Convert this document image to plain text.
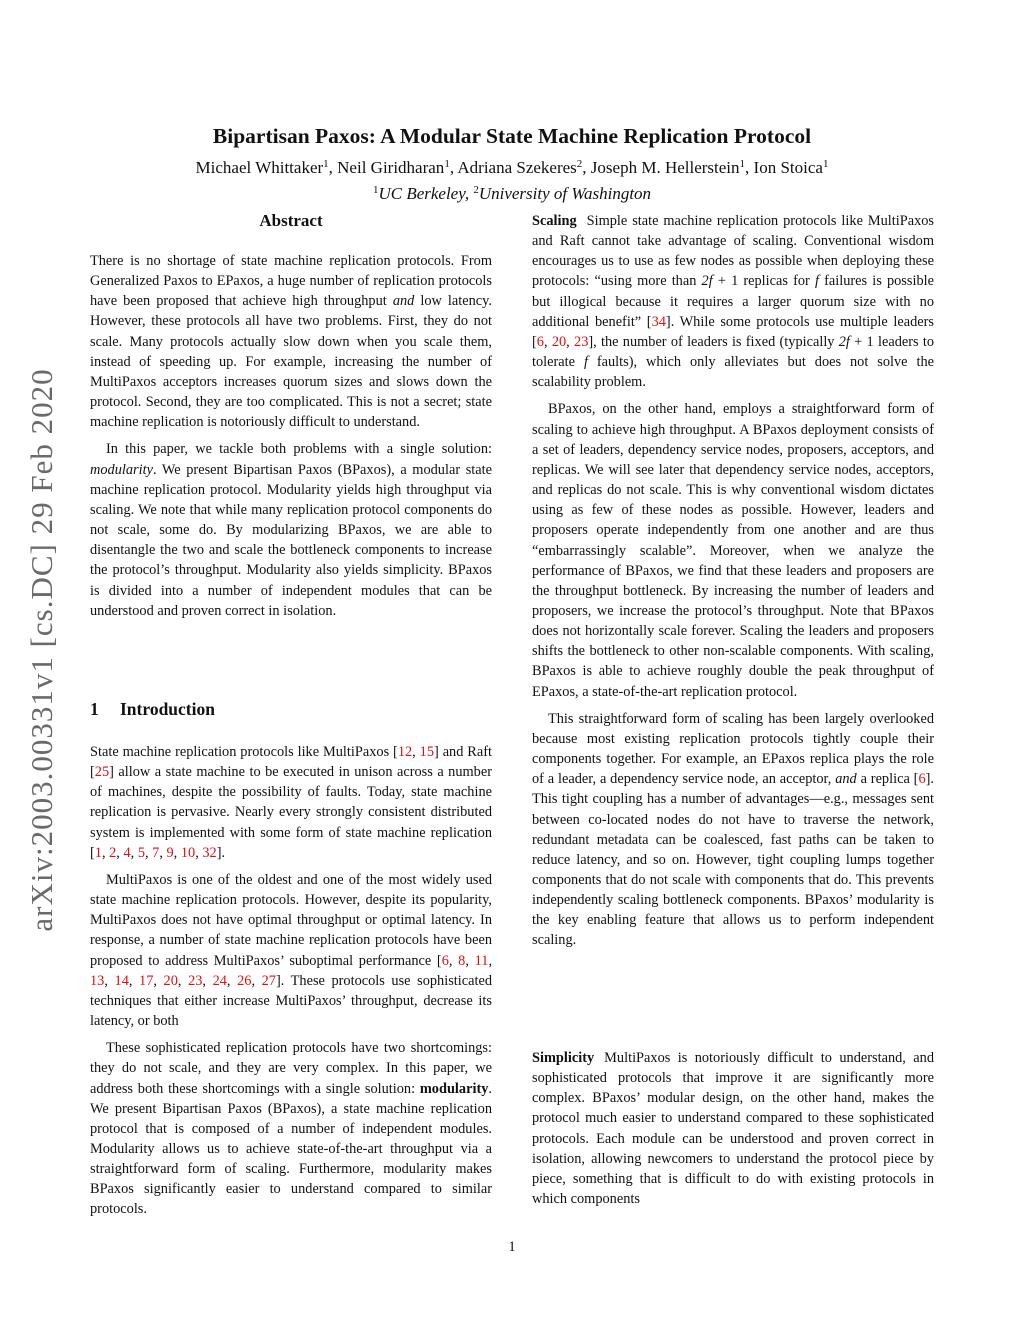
arXiv:2003.00331v1 [cs.DC] 29 Feb 2020
Bipartisan Paxos: A Modular State Machine Replication Protocol
Michael Whittaker$^1$, Neil Giridharan$^1$, Adriana Szekeres$^2$, Joseph M. Hellerstein$^1$, Ion Stoica$^1$
$^1$UC Berkeley, $^2$University of Washington
Abstract

There is no shortage of state machine replication protocols. From Generalized Paxos to EPaxos, a huge number of replication protocols have been proposed that achieve high throughput and low latency. However, these protocols all have two problems. First, they do not scale. Many protocols actually slow down when you scale them, instead of speeding up. For example, increasing the number of MultiPaxos acceptors increases quorum sizes and slows down the protocol. Second, they are too complicated. This is not a secret; state machine replication is notoriously difficult to understand.

In this paper, we tackle both problems with a single solution: modularity. We present Bipartisan Paxos (BPaxos), a modular state machine replication protocol. Modularity yields high throughput via scaling. We note that while many replication protocol components do not scale, some do. By modularizing BPaxos, we are able to disentangle the two and scale the bottleneck components to increase the protocol’s throughput. Modularity also yields simplicity. BPaxos is divided into a number of independent modules that can be understood and proven correct in isolation.

1 Introduction

State machine replication protocols like MultiPaxos [12, 15] and Raft [25] allow a state machine to be executed in unison across a number of machines, despite the possibility of faults. Today, state machine replication is pervasive. Nearly every strongly consistent distributed system is implemented with some form of state machine replication [1, 2, 4, 5, 7, 9, 10, 32].

MultiPaxos is one of the oldest and one of the most widely used state machine replication protocols. However, despite its popularity, MultiPaxos does not have optimal throughput or optimal latency. In response, a number of state machine replication protocols have been proposed to address MultiPaxos’ suboptimal performance [6, 8, 11, 13, 14, 17, 20, 23, 24, 26, 27]. These protocols use sophisticated techniques that either increase MultiPaxos’ throughput, decrease its latency, or both

These sophisticated replication protocols have two shortcomings: they do not scale, and they are very complex. In this paper, we address both these shortcomings with a single solution: modularity. We present Bipartisan Paxos (BPaxos), a state machine replication protocol that is composed of a number of independent modules. Modularity allows us to achieve state-of-the-art throughput via a straightforward form of scaling. Furthermore, modularity makes BPaxos significantly easier to understand compared to similar protocols.

Scaling Simple state machine replication protocols like MultiPaxos and Raft cannot take advantage of scaling. Conventional wisdom encourages us to use as few nodes as possible when deploying these protocols: “using more than 2f + 1 replicas for f failures is possible but illogical because it requires a larger quorum size with no additional benefit” [34]. While some protocols use multiple leaders [6, 20, 23], the number of leaders is fixed (typically 2f + 1 leaders to tolerate f faults), which only alleviates but does not solve the scalability problem.

BPaxos, on the other hand, employs a straightforward form of scaling to achieve high throughput. A BPaxos deployment consists of a set of leaders, dependency service nodes, proposers, acceptors, and replicas. We will see later that dependency service nodes, acceptors, and replicas do not scale. This is why conventional wisdom dictates using as few of these nodes as possible. However, leaders and proposers operate independently from one another and are thus “embarrassingly scalable”. Moreover, when we analyze the performance of BPaxos, we find that these leaders and proposers are the throughput bottleneck. By increasing the number of leaders and proposers, we increase the protocol’s throughput. Note that BPaxos does not horizontally scale forever. Scaling the leaders and proposers shifts the bottleneck to other non-scalable components. With scaling, BPaxos is able to achieve roughly double the peak throughput of EPaxos, a state-of-the-art replication protocol.

This straightforward form of scaling has been largely overlooked because most existing replication protocols tightly couple their components together. For example, an EPaxos replica plays the role of a leader, a dependency service node, an acceptor, and a replica [6]. This tight coupling has a number of advantages—e.g., messages sent between co-located nodes do not have to traverse the network, redundant metadata can be coalesced, fast paths can be taken to reduce latency, and so on. However, tight coupling lumps together components that do not scale with components that do. This prevents independently scaling bottleneck components. BPaxos’ modularity is the key enabling feature that allows us to perform independent scaling.

Simplicity MultiPaxos is notoriously difficult to understand, and sophisticated protocols that improve it are significantly more complex. BPaxos’ modular design, on the other hand, makes the protocol much easier to understand compared to these sophisticated protocols. Each module can be understood and proven correct in isolation, allowing newcomers to understand the protocol piece by piece, something that is difficult to do with existing protocols in which components

1
